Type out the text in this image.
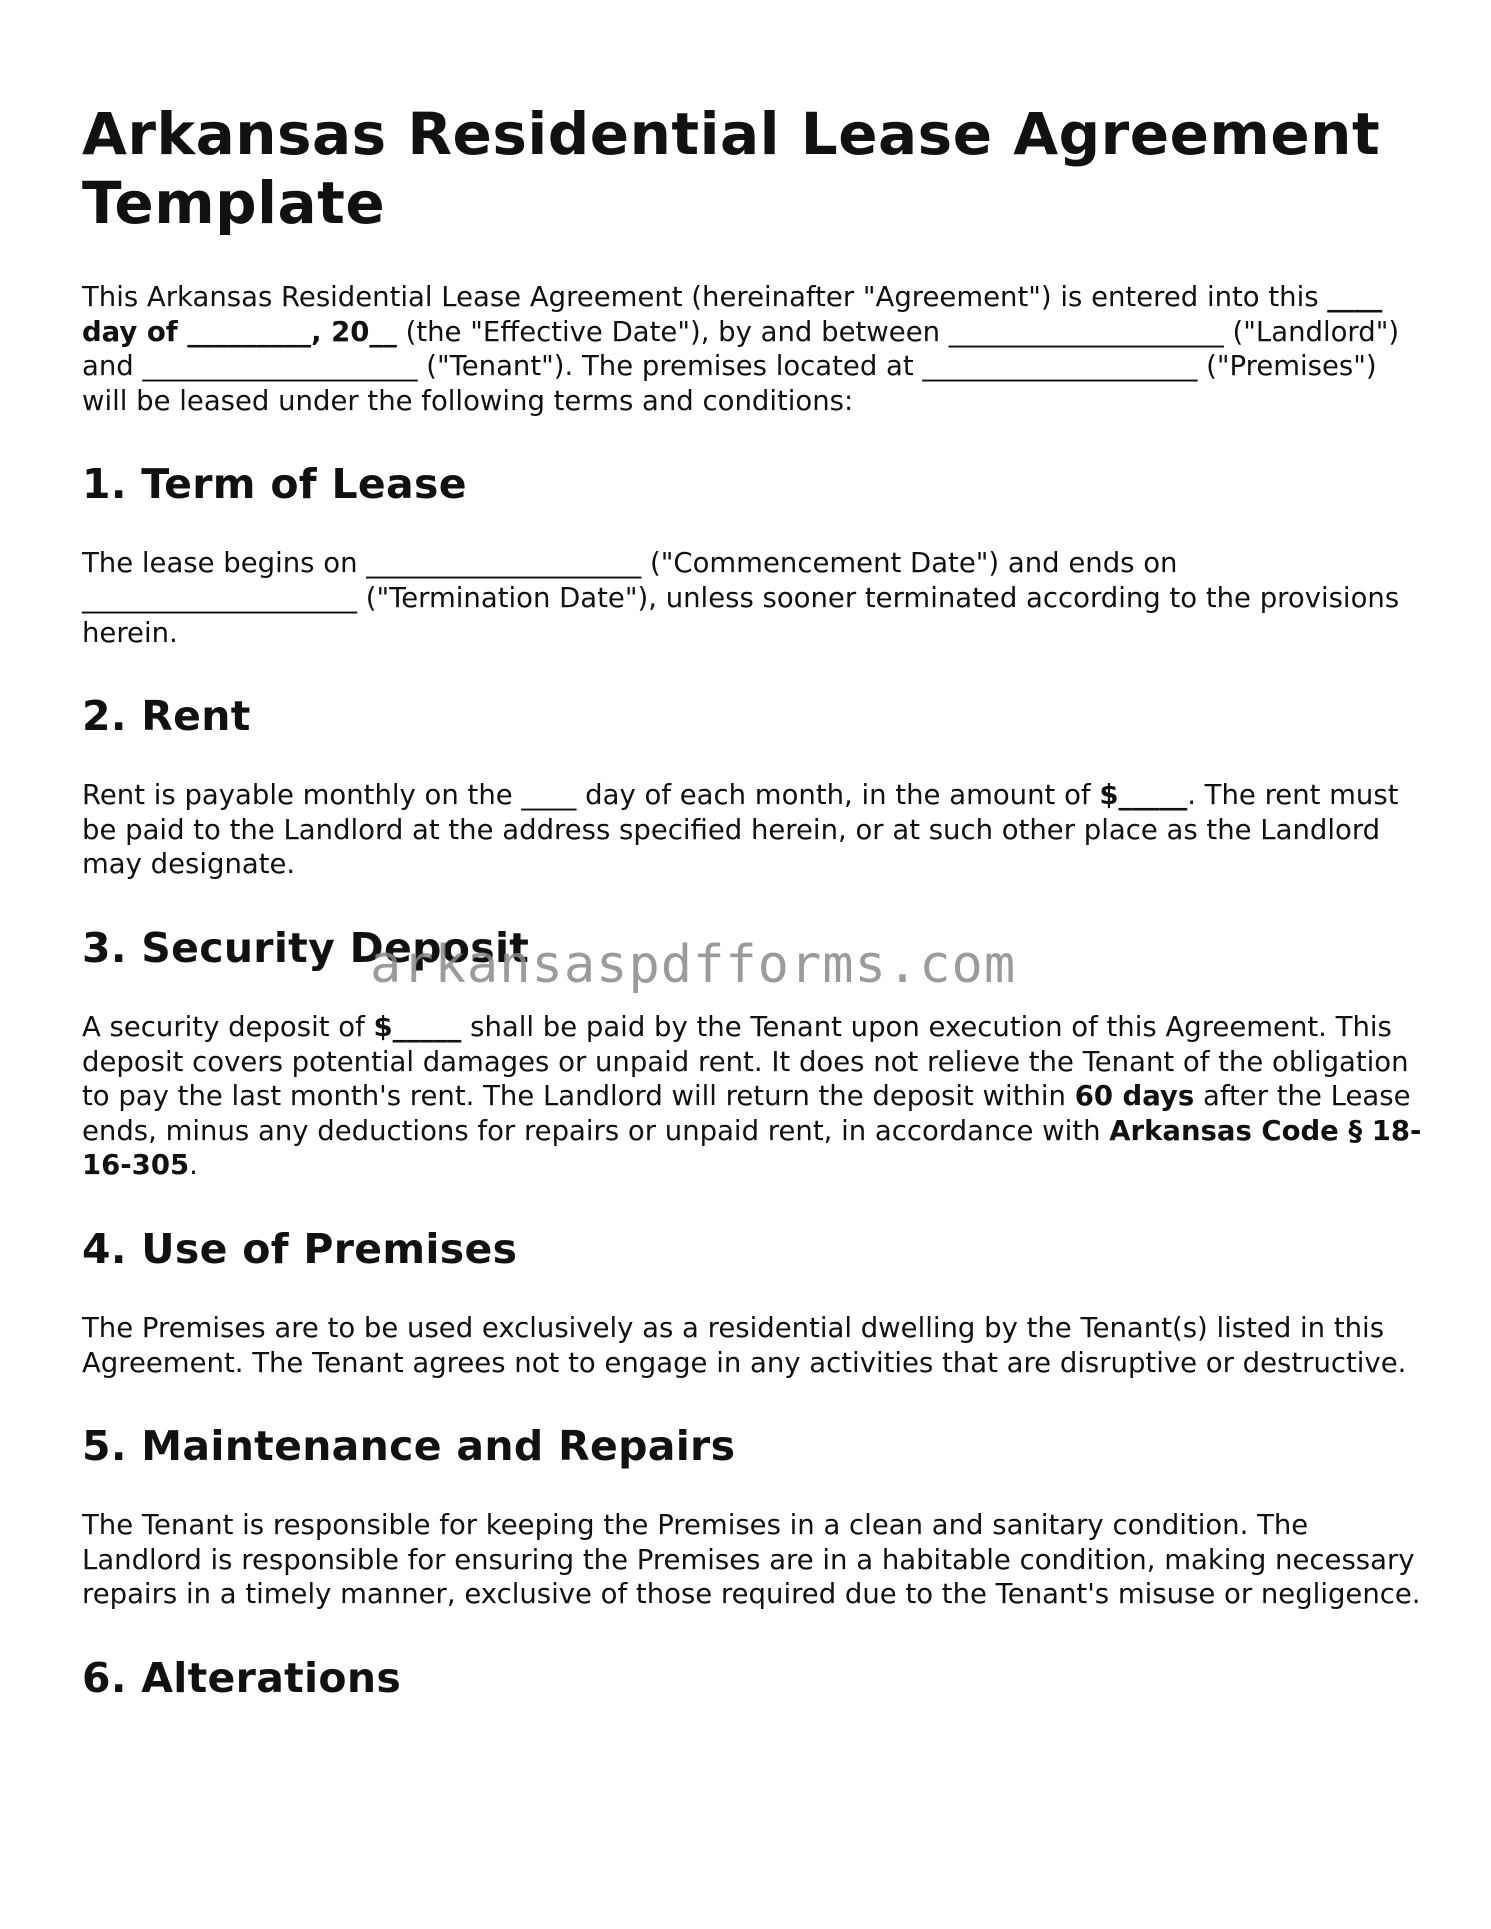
Arkansas Residential Lease Agreement Template

This Arkansas Residential Lease Agreement (hereinafter "Agreement") is entered into this ____ day of _________, 20__ (the "Effective Date"), by and between ____________________ ("Landlord") and ____________________ ("Tenant"). The premises located at ____________________ ("Premises") will be leased under the following terms and conditions:

1. Term of Lease

The lease begins on ____________________ ("Commencement Date") and ends on ____________________ ("Termination Date"), unless sooner terminated according to the provisions herein.

2. Rent

Rent is payable monthly on the ____ day of each month, in the amount of $_____. The rent must be paid to the Landlord at the address specified herein, or at such other place as the Landlord may designate.

3. Security Deposit

A security deposit of $_____ shall be paid by the Tenant upon execution of this Agreement. This deposit covers potential damages or unpaid rent. It does not relieve the Tenant of the obligation to pay the last month's rent. The Landlord will return the deposit within 60 days after the Lease ends, minus any deductions for repairs or unpaid rent, in accordance with Arkansas Code § 18-16-305.

4. Use of Premises

The Premises are to be used exclusively as a residential dwelling by the Tenant(s) listed in this Agreement. The Tenant agrees not to engage in any activities that are disruptive or destructive.

5. Maintenance and Repairs

The Tenant is responsible for keeping the Premises in a clean and sanitary condition. The Landlord is responsible for ensuring the Premises are in a habitable condition, making necessary repairs in a timely manner, exclusive of those required due to the Tenant's misuse or negligence.

6. Alterations
arkansaspdfforms.com
